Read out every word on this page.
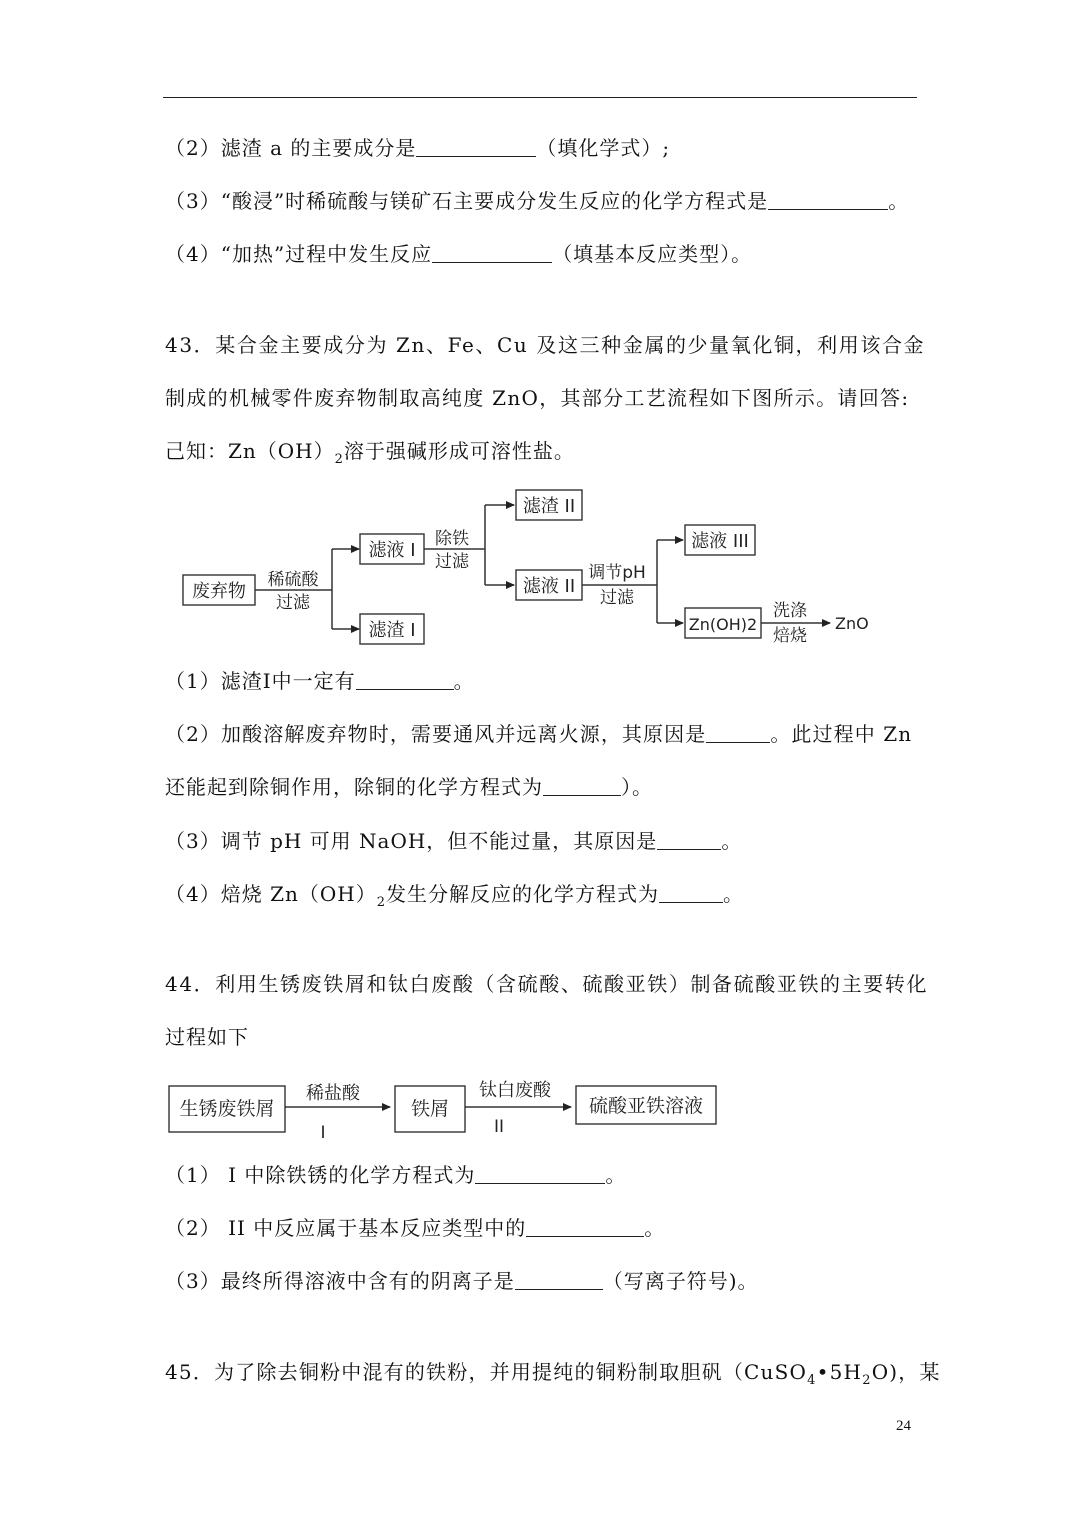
（2）滤渣 a 的主要成分是	（填化学式）;
（3）“酸浸”时稀硫酸与镁矿石主要成分发生反应的化学方程式是	。
（4）“加热”过程中发生反应	（填基本反应类型）。
43．某合金主要成分为 Zn、Fe、Cu 及这三种金属的少量氧化铜，利用该合金
制成的机械零件废弃物制取高纯度 ZnO，其部分工艺流程如下图所示。请回答:
己知：$Zn(OH)_2$溶于强碱形成可溶性盐。
废弃物
稀硫酸
过滤
滤液 I
滤渣 I
除铁
过滤
滤渣 II
滤液 II
调节pH
过滤
滤液 III
Zn(OH)2
洗涤
焙烧
ZnO
（1）滤渣I中一定有	。
（2）加酸溶解废弃物时，需要通风并远离火源，其原因是	。此过程中 Zn
还能起到除铜作用，除铜的化学方程式为	）。
（3）调节 pH 可用 NaOH，但不能过量，其原因是	。
（4）焙烧 $Zn(OH)_2$发生分解反应的化学方程式为	。
44．利用生锈废铁屑和钛白废酸（含硫酸、硫酸亚铁）制备硫酸亚铁的主要转化
过程如下
生锈废铁屑
稀盐酸
I
铁屑
钛白废酸
II
硫酸亚铁溶液
（1） I 中除铁锈的化学方程式为	。
（2） II 中反应属于基本反应类型中的	。
（3）最终所得溶液中含有的阴离子是	（写离子符号)。
45．为了除去铜粉中混有的铁粉，并用提纯的铜粉制取胆矾$(CuSO_4•5H_2O)$，某
24
